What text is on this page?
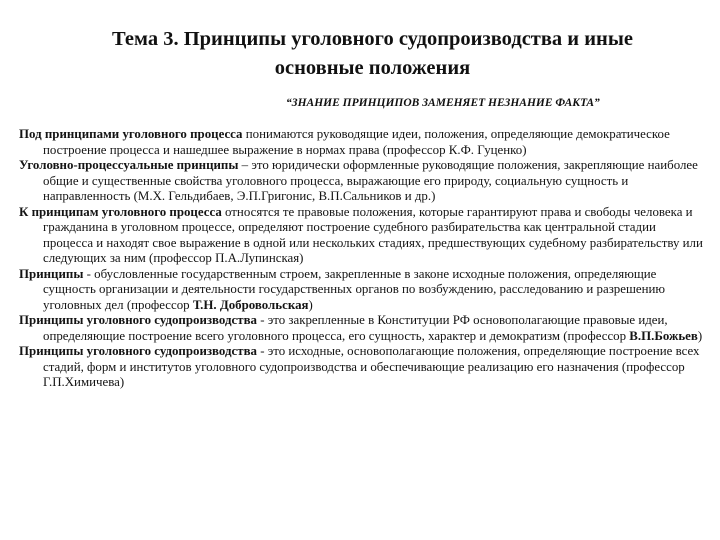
Тема 3. Принципы уголовного судопроизводства и иные
основные положения
“ЗНАНИЕ ПРИНЦИПОВ ЗАМЕНЯЕТ НЕЗНАНИЕ ФАКТА”

Под принципами уголовного процесса понимаются руководящие идеи, положения, определяющие демократическое построение процесса и нашедшее выражение в нормах права (профессор К.Ф. Гуценко)

Уголовно-процессуальные принципы – это юридически оформленные руководящие положения, закрепляющие наиболее общие и существенные свойства уголовного процесса, выражающие его природу, социальную сущность и направленность (М.Х. Гельдибаев, Э.П.Григонис, В.П.Сальников и др.)

К принципам уголовного процесса относятся те правовые положения, которые гарантируют права и свободы человека и гражданина в уголовном процессе, определяют построение судебного разбирательства как центральной стадии процесса и находят свое выражение в одной или нескольких стадиях, предшествующих судебному разбирательству или следующих за ним (профессор П.А.Лупинская)

Принципы - обусловленные государственным строем, закрепленные в законе исходные положения, определяющие сущность организации и деятельности государственных органов по возбуждению, расследованию и разрешению уголовных дел (профессор Т.Н. Добровольская)

Принципы уголовного судопроизводства - это закрепленные в Конституции РФ основополагающие правовые идеи, определяющие построение всего уголовного процесса, его сущность, характер и демократизм (профессор В.П.Божьев)

Принципы уголовного судопроизводства - это исходные, основополагающие положения, определяющие построение всех стадий, форм и институтов уголовного судопроизводства и обеспечивающие реализацию его назначения (профессор Г.П.Химичева)
